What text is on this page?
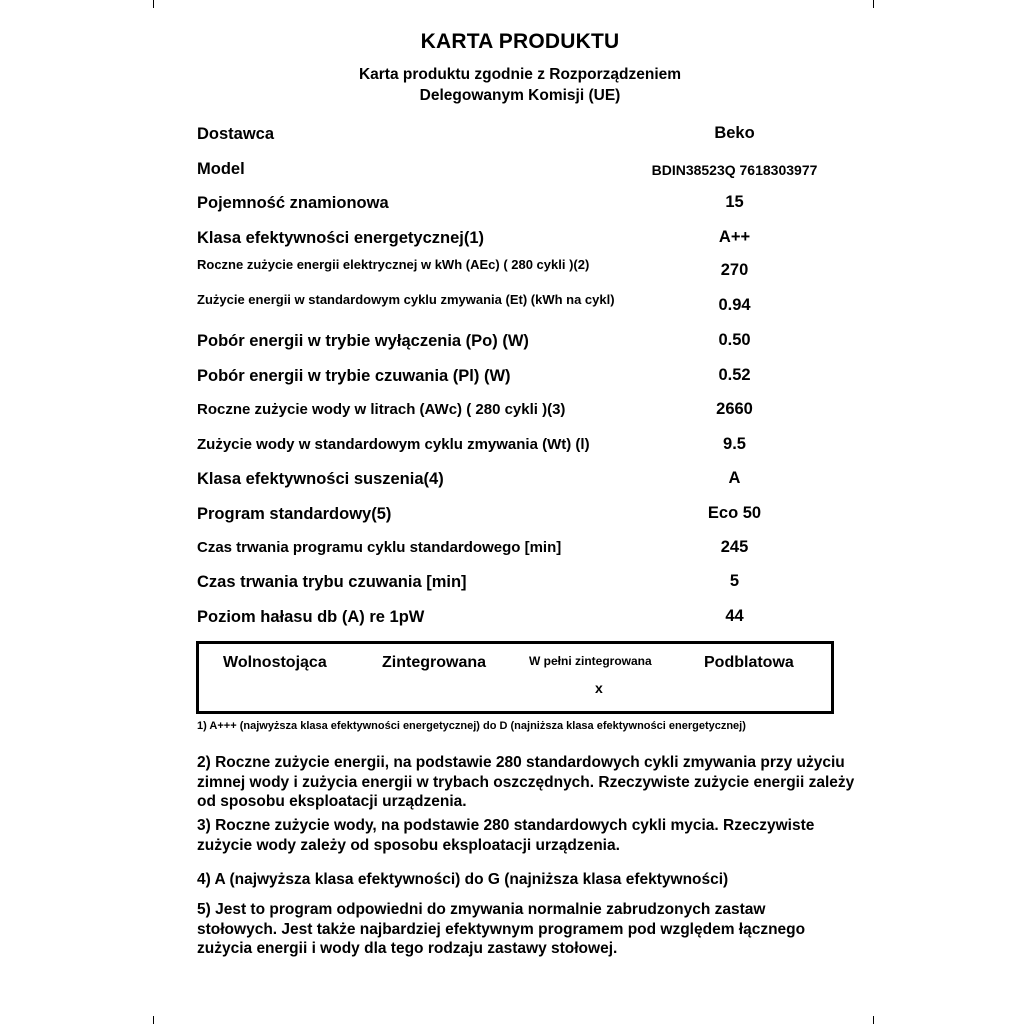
KARTA PRODUKTU
Karta produktu zgodnie z Rozporządzeniem
Delegowanym Komisji (UE)
Dostawca	Beko
Model	BDIN38523Q 7618303977
Pojemność znamionowa	15
Klasa efektywności energetycznej(1)	A++
Roczne zużycie energii elektrycznej w kWh (AEc) ( 280 cykli )(2)	270
Zużycie energii w standardowym cyklu zmywania (Et) (kWh na cykl)	0.94
Pobór energii w trybie wyłączenia (Po) (W)	0.50
Pobór energii w trybie czuwania (Pl) (W)	0.52
Roczne zużycie wody w litrach (AWc) ( 280 cykli )(3)	2660
Zużycie wody w standardowym cyklu zmywania (Wt) (l)	9.5
Klasa efektywności suszenia(4)	A
Program standardowy(5)	Eco 50
Czas trwania programu cyklu standardowego [min]	245
Czas trwania trybu czuwania [min]	5
Poziom hałasu db (A) re 1pW	44
Wolnostojąca	Zintegrowana	W pełni zintegrowana	Podblatowa
x
1) A+++ (najwyższa klasa efektywności energetycznej) do D (najniższa klasa efektywności energetycznej)
2) Roczne zużycie energii, na podstawie 280 standardowych cykli zmywania przy użyciu zimnej wody i zużycia energii w trybach oszczędnych. Rzeczywiste zużycie energii zależy od sposobu eksploatacji urządzenia.
3) Roczne zużycie wody, na podstawie 280 standardowych cykli mycia. Rzeczywiste zużycie wody zależy od sposobu eksploatacji urządzenia.
4) A (najwyższa klasa efektywności) do G (najniższa klasa efektywności)
5) Jest to program odpowiedni do zmywania normalnie zabrudzonych zastaw stołowych. Jest także najbardziej efektywnym programem pod względem łącznego zużycia energii i wody dla tego rodzaju zastawy stołowej.
